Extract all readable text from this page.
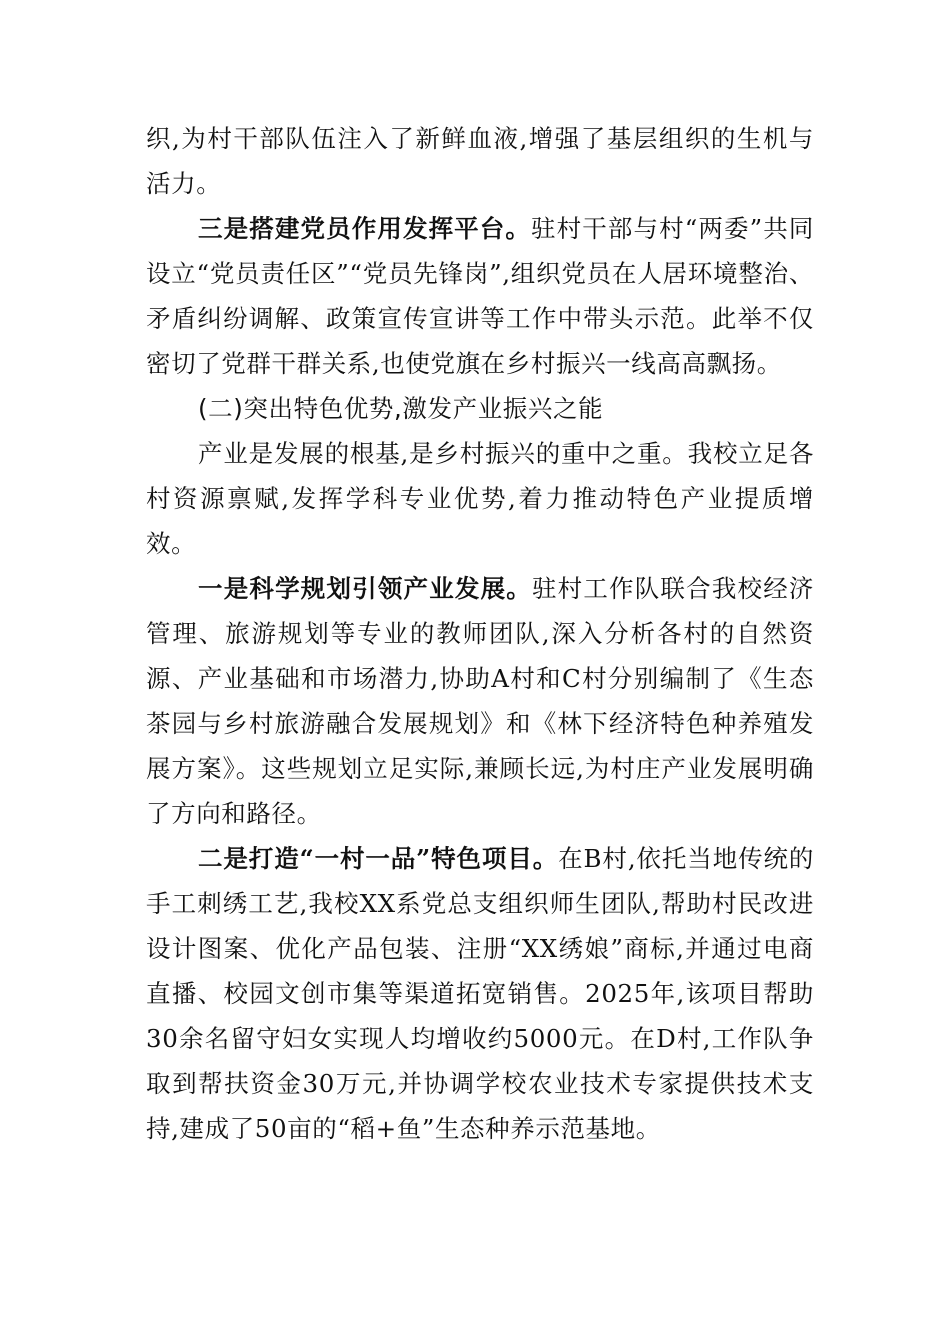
织,为村干部队伍注入了新鲜血液,增强了基层组织的生机与活力。

三是搭建党员作用发挥平台。驻村干部与村“两委”共同设立“党员责任区”“党员先锋岗”,组织党员在人居环境整治、矛盾纠纷调解、政策宣传宣讲等工作中带头示范。此举不仅密切了党群干群关系,也使党旗在乡村振兴一线高高飘扬。

(二)突出特色优势,激发产业振兴之能

产业是发展的根基,是乡村振兴的重中之重。我校立足各村资源禀赋,发挥学科专业优势,着力推动特色产业提质增效。

一是科学规划引领产业发展。驻村工作队联合我校经济管理、旅游规划等专业的教师团队,深入分析各村的自然资源、产业基础和市场潜力,协助A村和C村分别编制了《生态茶园与乡村旅游融合发展规划》和《林下经济特色种养殖发展方案》。这些规划立足实际,兼顾长远,为村庄产业发展明确了方向和路径。

二是打造“一村一品”特色项目。在B村,依托当地传统的手工刺绣工艺,我校XX系党总支组织师生团队,帮助村民改进设计图案、优化产品包装、注册“XX绣娘”商标,并通过电商直播、校园文创市集等渠道拓宽销售。2025年,该项目帮助30余名留守妇女实现人均增收约5000元。在D村,工作队争取到帮扶资金30万元,并协调学校农业技术专家提供技术支持,建成了50亩的“稻+鱼”生态种养示范基地。
